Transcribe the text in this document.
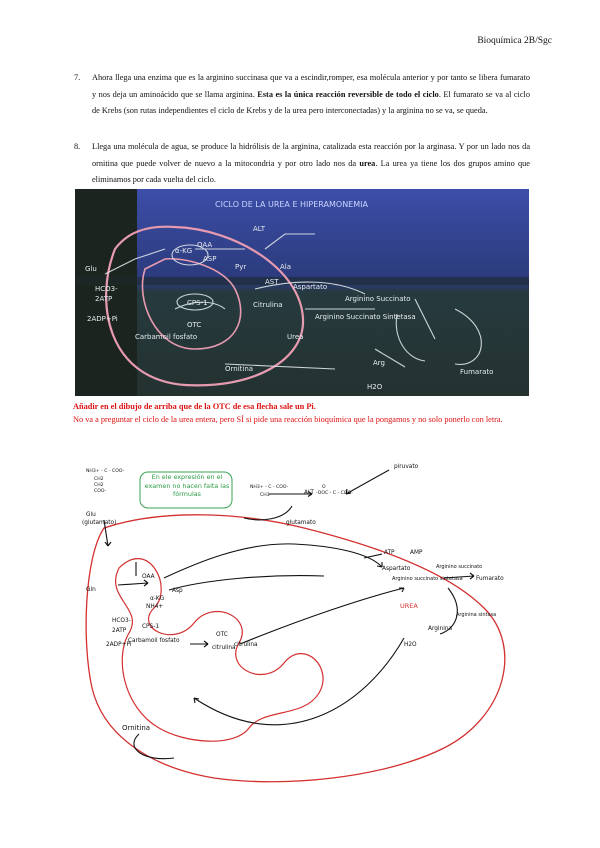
Bioquímica 2B/Sgc
7. Ahora llega una enzima que es la arginino succinasa que va a escindir,romper, esa molécula anterior y por tanto se libera fumarato y nos deja un aminoácido que se llama arginina. Esta es la única reacción reversible de todo el ciclo. El fumarato se va al ciclo de Krebs (son rutas independientes el ciclo de Krebs y de la urea pero interconectadas) y la arginina no se va, se queda.
8. Llega una molécula de agua, se produce la hidrólisis de la arginina, catalizada esta reacción por la arginasa. Y por un lado nos da ornitina que puede volver de nuevo a la mitocondria y por otro lado nos da urea. La urea ya tiene los dos grupos amino que eliminamos por cada vuelta del ciclo.
CICLO DE LA UREA E HIPERAMONEMIA
Glu
α-KG
ALT
Pyr	Ala
OAA
ASP
AST
CPS-1
2ATP
HCO3-
2ADP+Pi
Carbamoil fosfato
OTC
Ornitina
Citrulina
Aspartato
Arginino Succinato Sintetasa
Arginino Succinato
Urea
Arg
Fumarato
H2O
Añadir en el dibujo de arriba que de la OTC de esa flecha sale un Pi.
No va a preguntar el ciclo de la urea entera, pero SÍ si pide una reacción bioquímica que la pongamos y no solo ponerlo con letra.
En ele expresión en el examen no hacen falta las fórmulas
Glu
(glutamato)
Gln
OAA
Asp
α-KG
NH4+
HCO3-
2ATP
CPS-1
2ADP+Pi
Carbamoil fosfato
OTC
citrulina
Ornitina
ALT
piruvato
glutamato
Aspartato
ATP	AMP
Arginino succinato sintetasa
Arginino succinato
Fumarato
Arginina sintasa
UREA
Arginina
H2O
citrulina
NH3+ - C - COO-
CH2
CH2
COO-
NH3+ - C - COO-
CH3
O
-OOC - C - COO-
